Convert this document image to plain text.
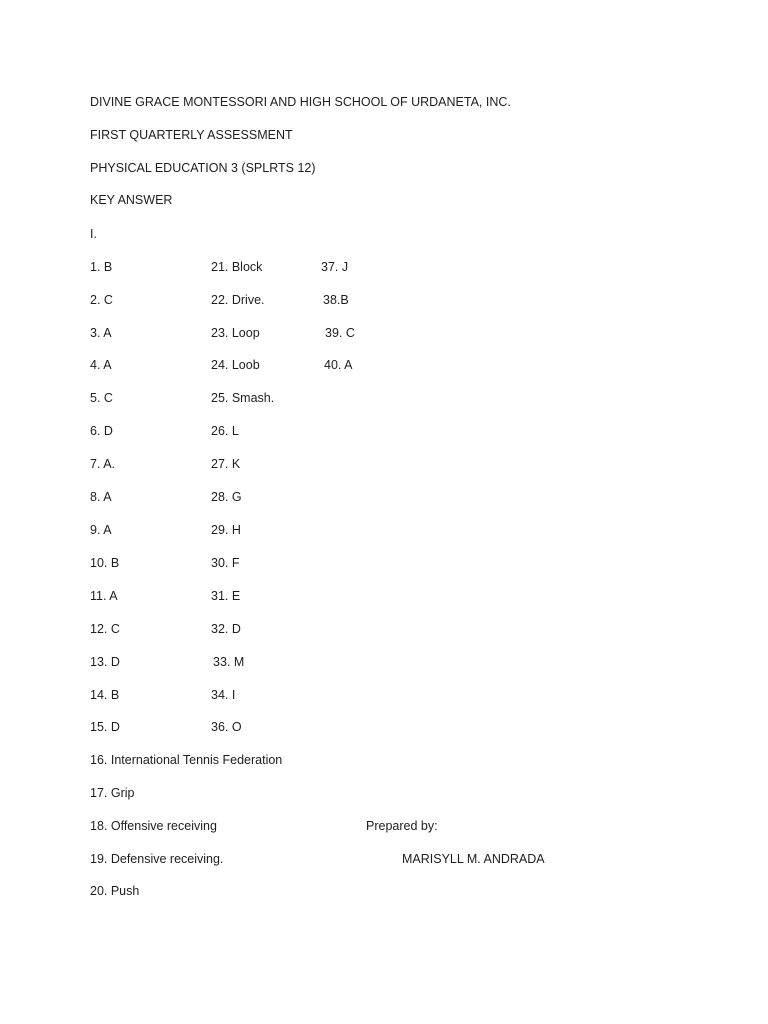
DIVINE GRACE MONTESSORI AND HIGH SCHOOL OF URDANETA, INC.
FIRST QUARTERLY ASSESSMENT
PHYSICAL EDUCATION 3 (SPLRTS 12)
KEY ANSWER
I.
1. B
2. C
3. A
4. A
5. C
6. D
7. A.
8. A
9. A
10. B
11. A
12. C
13. D
14. B
15. D
16. International Tennis Federation
17. Grip
18. Offensive receiving
19. Defensive receiving.
20. Push
21. Block
22. Drive.
23. Loop
24. Loob
25. Smash.
26. L
27. K
28. G
29. H
30. F
31. E
32. D
33. M
34. I
36. O
37. J
38.B
39. C
40. A
Prepared by:
MARISYLL M. ANDRADA
